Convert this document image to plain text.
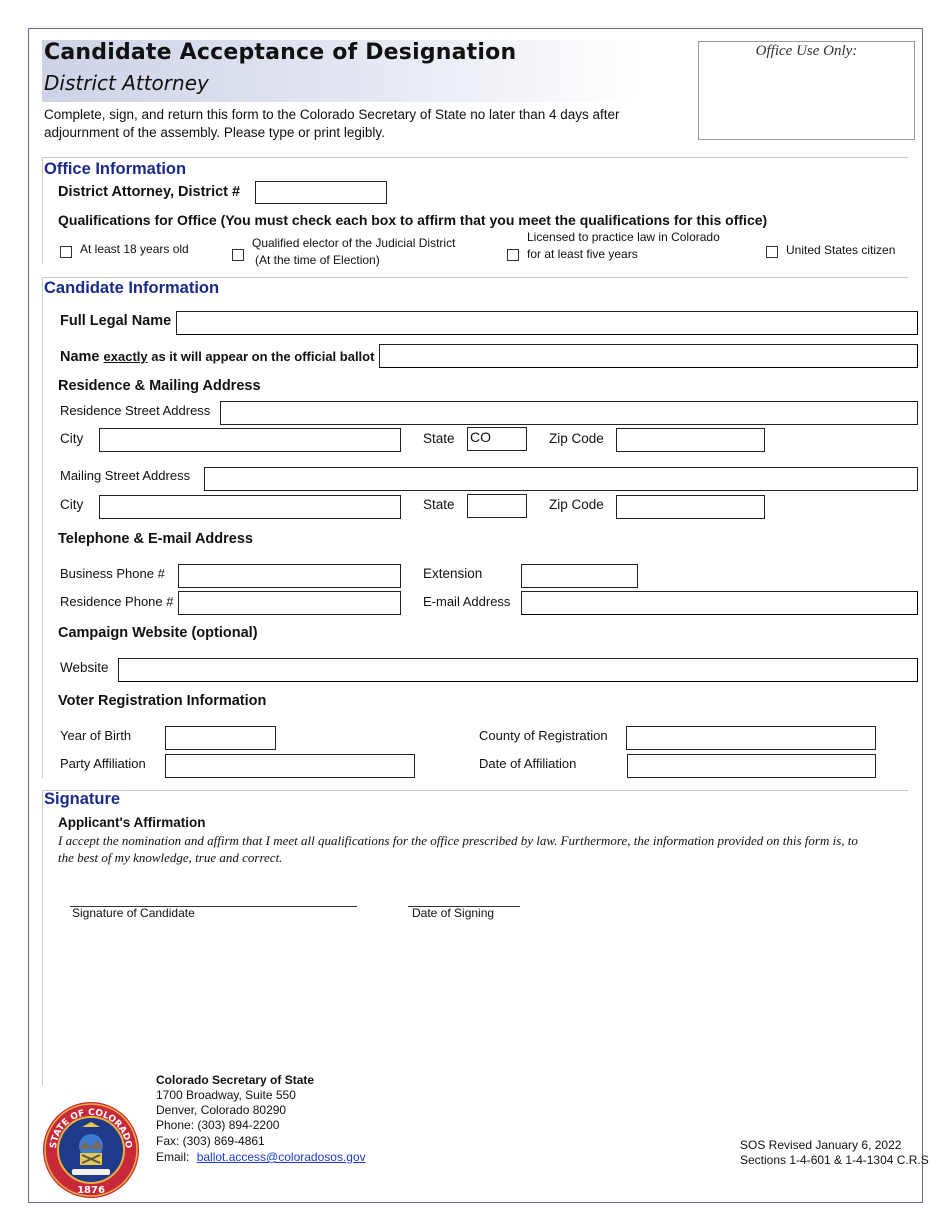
Candidate Acceptance of Designation
District Attorney
Complete, sign, and return this form to the Colorado Secretary of State no later than 4 days after adjournment of the assembly. Please type or print legibly.
Office Use Only:
Office Information
District Attorney, District #
Qualifications for Office (You must check each box to affirm that you meet the qualifications for this office)
At least 18 years old	Qualified elector of the Judicial District
(At the time of Election)
Licensed to practice law in Colorado
for at least five years	United States citizen
Candidate Information
Full Legal Name
Name exactly as it will appear on the official ballot
Residence & Mailing Address
Residence Street Address
City	State CO	Zip Code
Mailing Street Address
City	State	Zip Code
Telephone & E-mail Address
Business Phone #	Extension
Residence Phone #	E-mail Address
Campaign Website (optional)
Website
Voter Registration Information
Year of Birth	County of Registration
Party Affiliation	Date of Affiliation
Signature
Applicant's Affirmation
I accept the nomination and affirm that I meet all qualifications for the office prescribed by law. Furthermore, the information provided on this form is, to the best of my knowledge, true and correct.
Signature of Candidate	Date of Signing
STATE OF COLORADO
1876
Colorado Secretary of State
1700 Broadway, Suite 550
Denver, Colorado 80290
Phone: (303) 894-2200
Fax: (303) 869-4861
Email: ballot.access@coloradosos.gov
SOS Revised January 6, 2022
Sections 1-4-601 & 1-4-1304 C.R.S
